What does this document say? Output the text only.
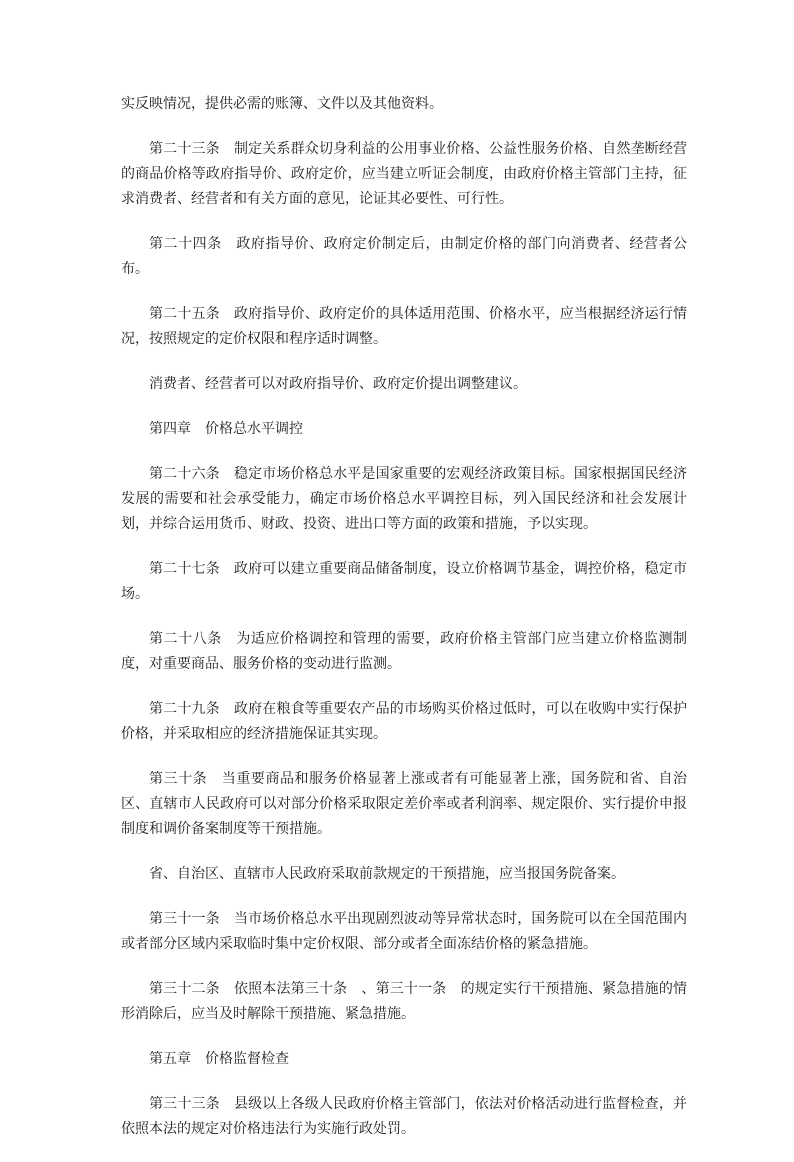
实反映情况，提供必需的账簿、文件以及其他资料。

第二十三条　制定关系群众切身利益的公用事业价格、公益性服务价格、自然垄断经营的商品价格等政府指导价、政府定价，应当建立听证会制度，由政府价格主管部门主持，征求消费者、经营者和有关方面的意见，论证其必要性、可行性。

第二十四条　政府指导价、政府定价制定后，由制定价格的部门向消费者、经营者公布。

第二十五条　政府指导价、政府定价的具体适用范围、价格水平，应当根据经济运行情况，按照规定的定价权限和程序适时调整。

消费者、经营者可以对政府指导价、政府定价提出调整建议。

第四章　价格总水平调控

第二十六条　稳定市场价格总水平是国家重要的宏观经济政策目标。国家根据国民经济发展的需要和社会承受能力，确定市场价格总水平调控目标，列入国民经济和社会发展计划，并综合运用货币、财政、投资、进出口等方面的政策和措施，予以实现。

第二十七条　政府可以建立重要商品储备制度，设立价格调节基金，调控价格，稳定市场。

第二十八条　为适应价格调控和管理的需要，政府价格主管部门应当建立价格监测制度，对重要商品、服务价格的变动进行监测。

第二十九条　政府在粮食等重要农产品的市场购买价格过低时，可以在收购中实行保护价格，并采取相应的经济措施保证其实现。

第三十条　当重要商品和服务价格显著上涨或者有可能显著上涨，国务院和省、自治区、直辖市人民政府可以对部分价格采取限定差价率或者利润率、规定限价、实行提价申报制度和调价备案制度等干预措施。

省、自治区、直辖市人民政府采取前款规定的干预措施，应当报国务院备案。

第三十一条　当市场价格总水平出现剧烈波动等异常状态时，国务院可以在全国范围内或者部分区域内采取临时集中定价权限、部分或者全面冻结价格的紧急措施。

第三十二条　依照本法第三十条　、第三十一条　的规定实行干预措施、紧急措施的情形消除后，应当及时解除干预措施、紧急措施。

第五章　价格监督检查

第三十三条　县级以上各级人民政府价格主管部门，依法对价格活动进行监督检查，并依照本法的规定对价格违法行为实施行政处罚。
